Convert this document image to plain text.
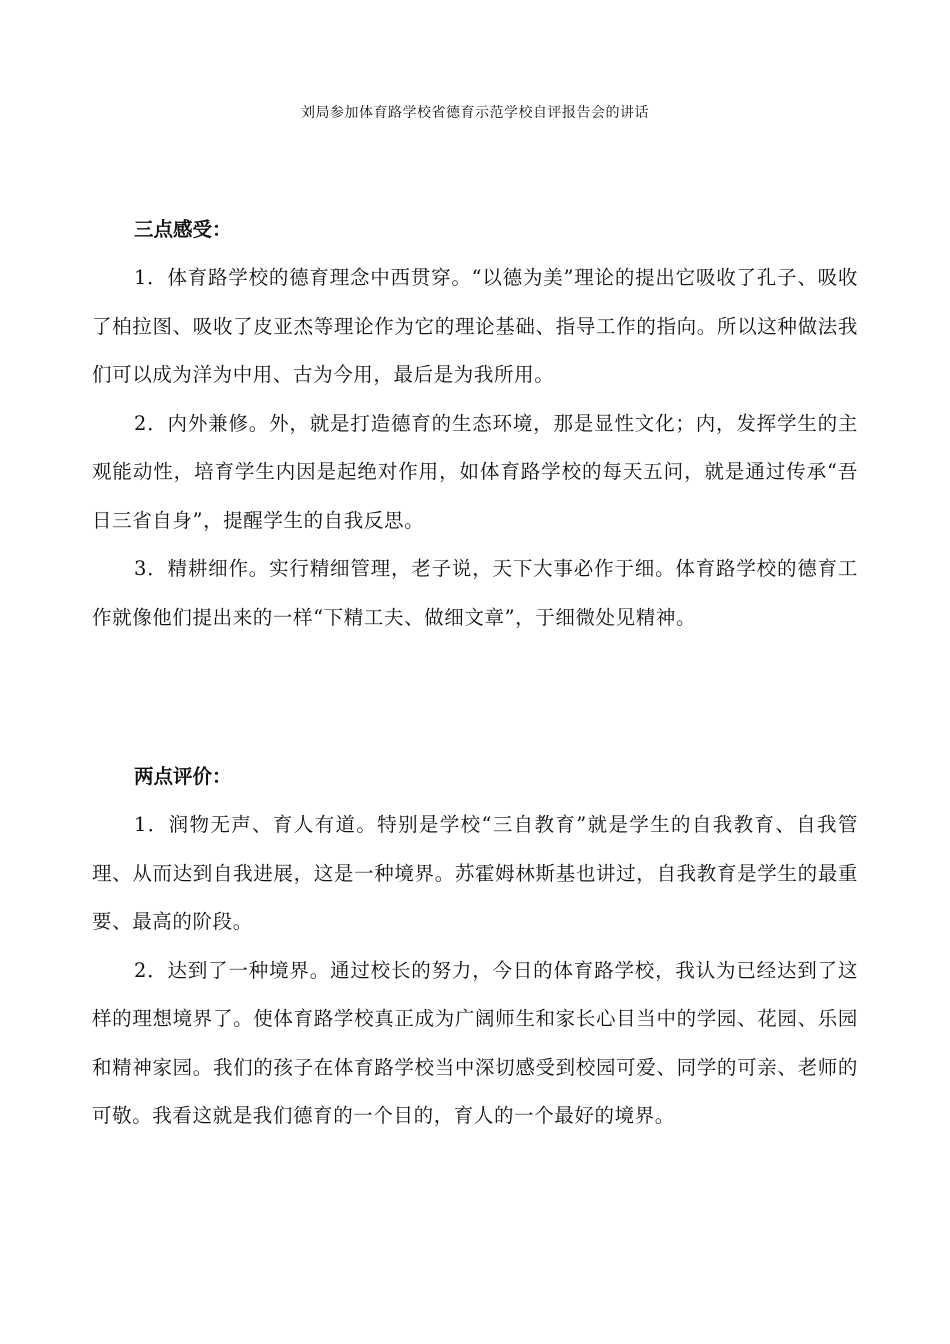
刘局参加体育路学校省德育示范学校自评报告会的讲话

三点感受：

1．体育路学校的德育理念中西贯穿。“以德为美”理论的提出它吸收了孔子、吸收了柏拉图、吸收了皮亚杰等理论作为它的理论基础、指导工作的指向。所以这种做法我们可以成为洋为中用、古为今用，最后是为我所用。

2．内外兼修。外，就是打造德育的生态环境，那是显性文化；内，发挥学生的主观能动性，培育学生内因是起绝对作用，如体育路学校的每天五问，就是通过传承“吾日三省自身”，提醒学生的自我反思。

3．精耕细作。实行精细管理，老子说，天下大事必作于细。体育路学校的德育工作就像他们提出来的一样“下精工夫、做细文章”，于细微处见精神。

两点评价：

1．润物无声、育人有道。特别是学校“三自教育”就是学生的自我教育、自我管理、从而达到自我进展，这是一种境界。苏霍姆林斯基也讲过，自我教育是学生的最重要、最高的阶段。

2．达到了一种境界。通过校长的努力，今日的体育路学校，我认为已经达到了这样的理想境界了。使体育路学校真正成为广阔师生和家长心目当中的学园、花园、乐园和精神家园。我们的孩子在体育路学校当中深切感受到校园可爱、同学的可亲、老师的可敬。我看这就是我们德育的一个目的，育人的一个最好的境界。
